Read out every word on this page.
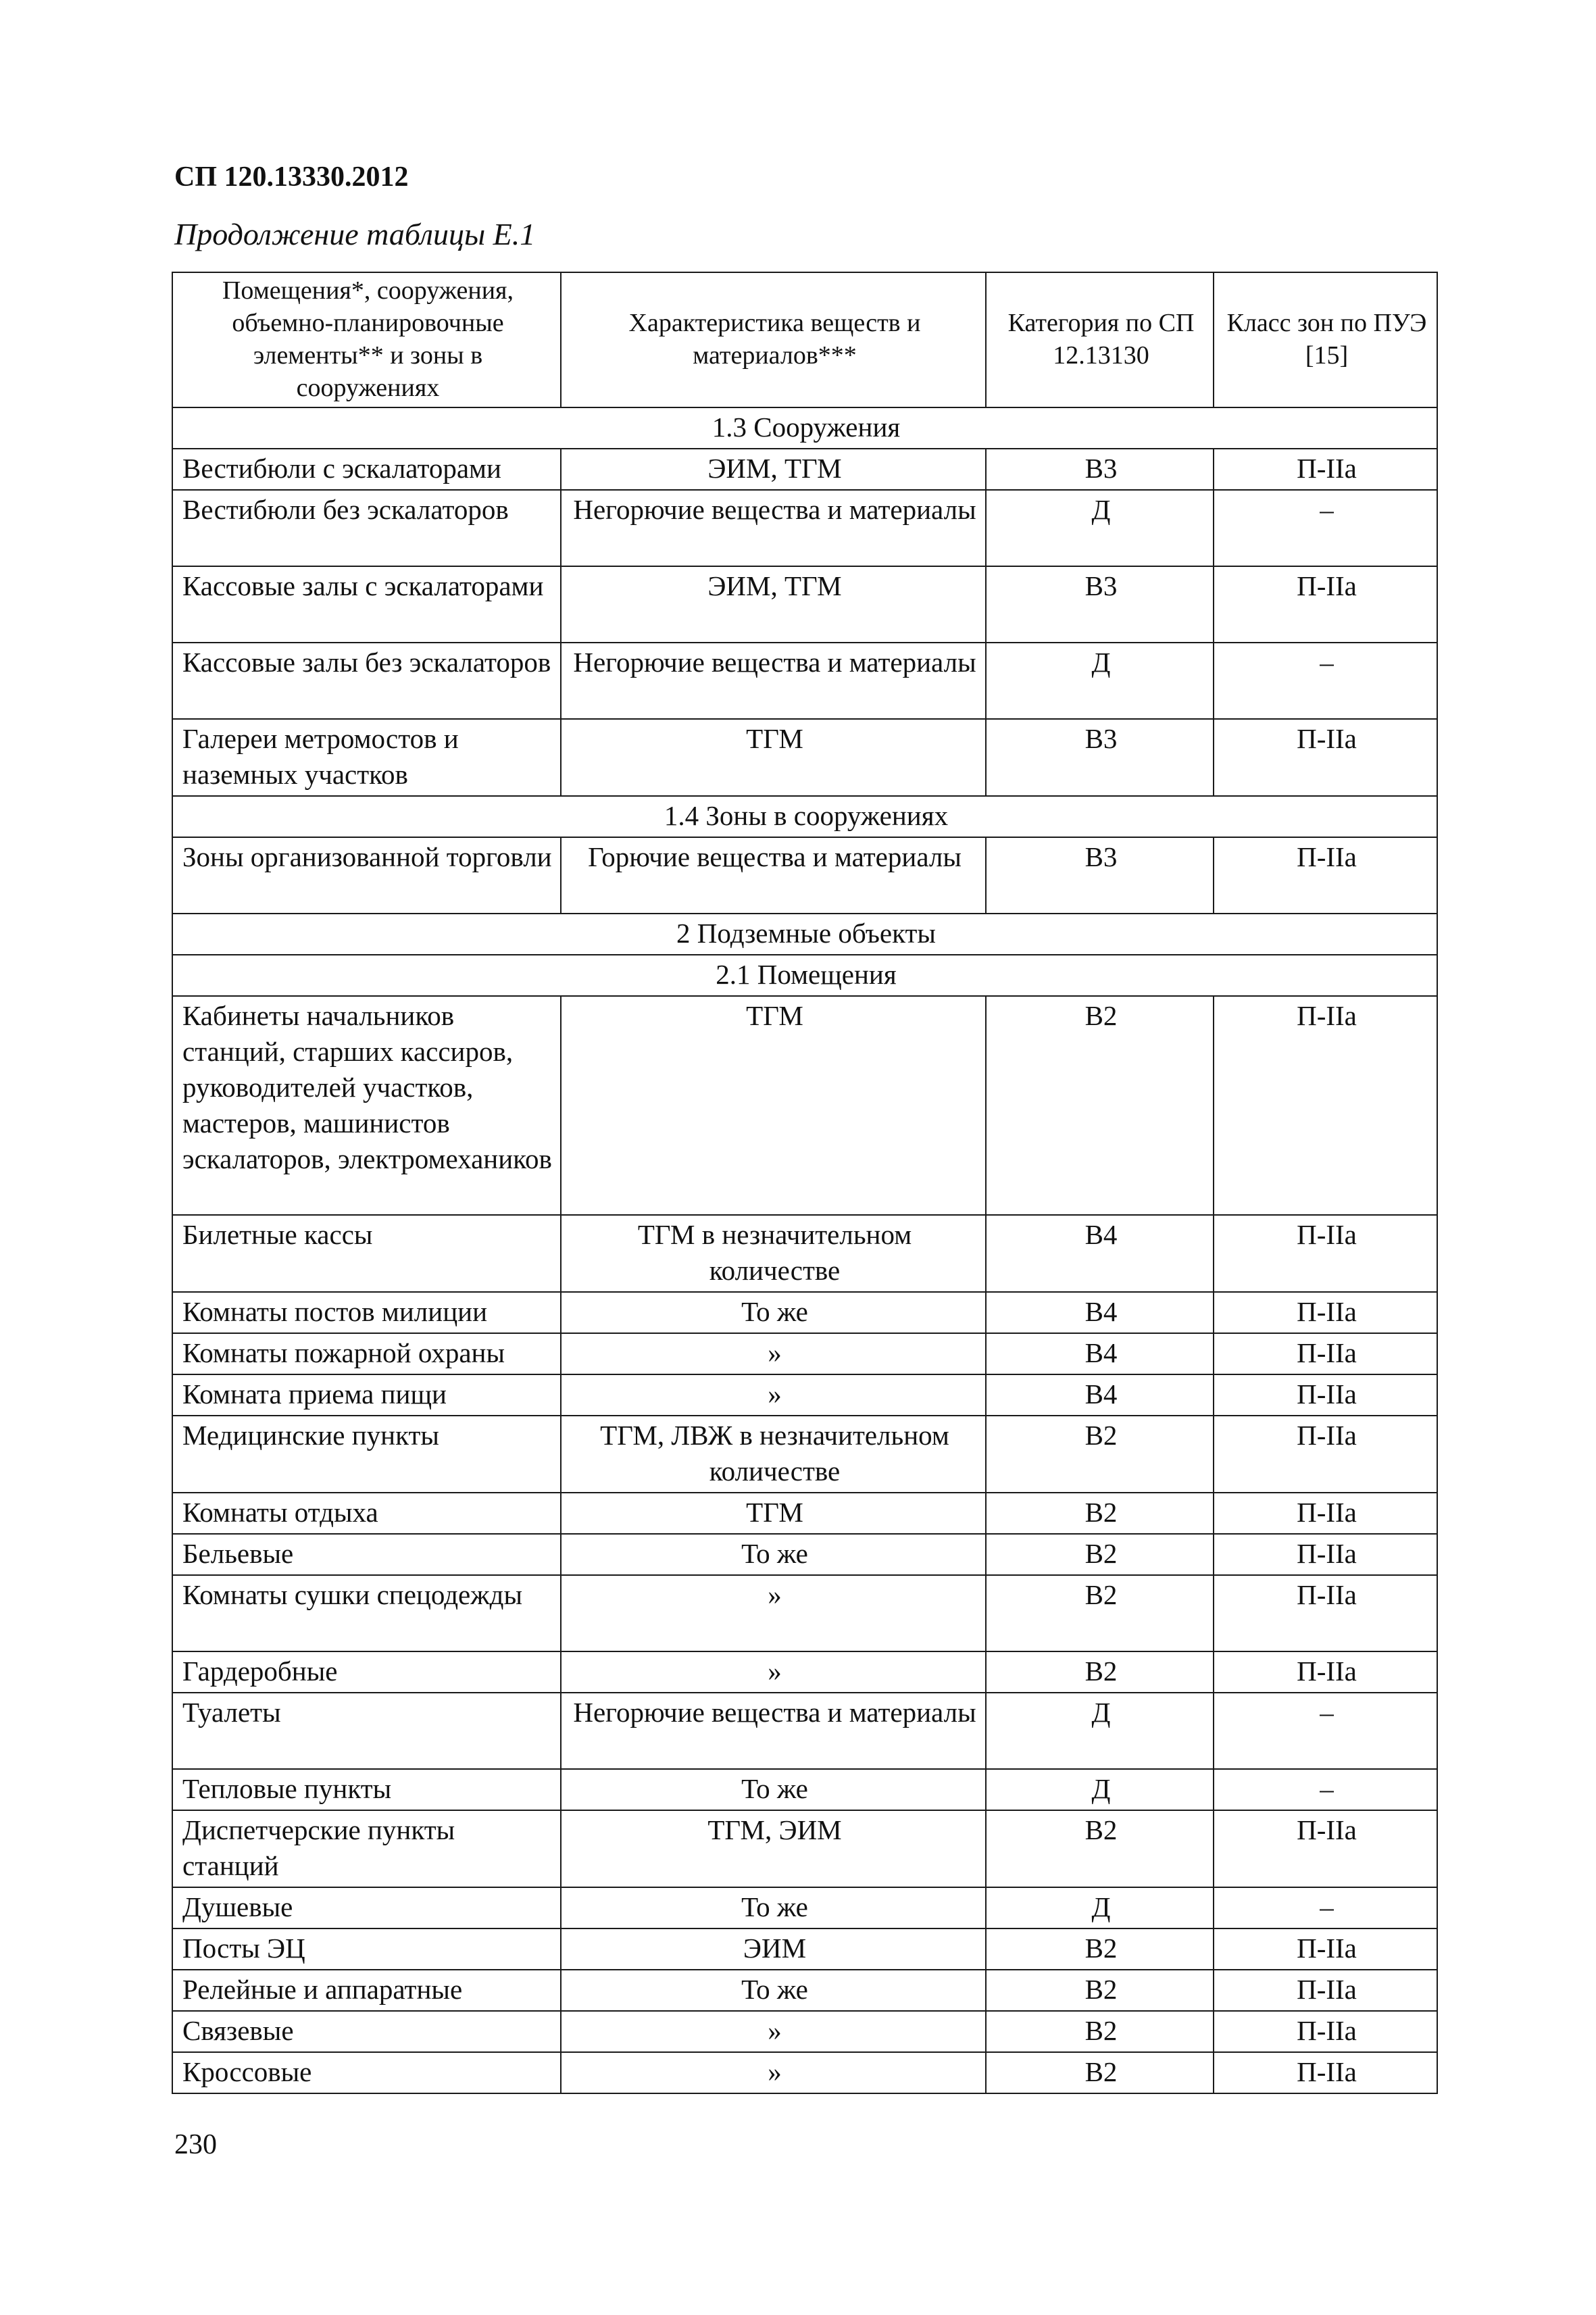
СП 120.13330.2012
Продолжение таблицы Е.1
Помещения*, сооружения, объемно-планировочные элементы** и зоны в сооружениях	Характеристика веществ и материалов***	Категория по СП 12.13130	Класс зон по ПУЭ [15]
1.3 Сооружения			
Вестибюли с эскалаторами	ЭИМ, ТГМ	В3	П-IIa
Вестибюли без эскалаторов	Негорючие вещества и материалы	Д	–
Кассовые залы с эскалаторами	ЭИМ, ТГМ	В3	П-IIa
Кассовые залы без эскалаторов	Негорючие вещества и материалы	Д	–
Галереи метромостов и наземных участков	ТГМ	В3	П-IIa
1.4 Зоны в сооружениях			
Зоны организованной торговли	Горючие вещества и материалы	В3	П-IIa
2 Подземные объекты			
2.1 Помещения			
Кабинеты начальников станций, старших кассиров, руководителей участков, мастеров, машинистов эскалаторов, электромехаников	ТГМ	В2	П-IIa
Билетные кассы	ТГМ в незначительном количестве	В4	П-IIa
Комнаты постов милиции	То же	В4	П-IIa
Комнаты пожарной охраны	»	В4	П-IIa
Комната приема пищи	»	В4	П-IIa
Медицинские пункты	ТГМ, ЛВЖ в незначительном количестве	В2	П-IIa
Комнаты отдыха	ТГМ	В2	П-IIa
Бельевые	То же	В2	П-IIa
Комнаты сушки спецодежды	»	В2	П-IIa
Гардеробные	»	В2	П-IIa
Туалеты	Негорючие вещества и материалы	Д	–
Тепловые пункты	То же	Д	–
Диспетчерские пункты станций	ТГМ, ЭИМ	В2	П-IIa
Душевые	То же	Д	–
Посты ЭЦ	ЭИМ	В2	П-IIa
Релейные и аппаратные	То же	В2	П-IIa
Связевые	»	В2	П-IIa
Кроссовые	»	В2	П-IIa
230
